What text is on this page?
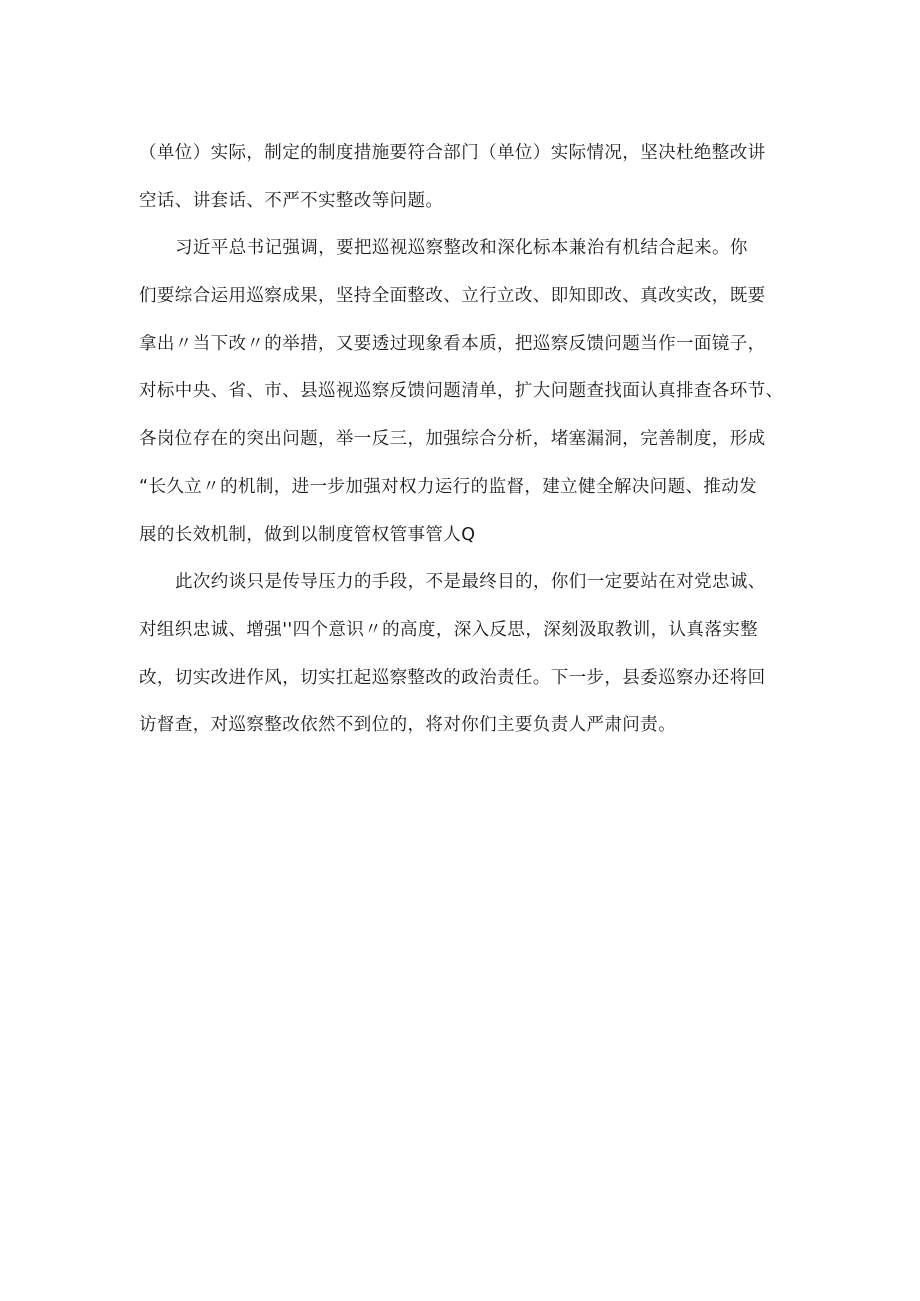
（单位）实际，制定的制度措施要符合部门（单位）实际情况，坚决杜绝整改讲
空话、讲套话、不严不实整改等问题。
习近平总书记强调，要把巡视巡察整改和深化标本兼治有机结合起来。你
们要综合运用巡察成果，坚持全面整改、立行立改、即知即改、真改实改，既要
拿出〃当下改〃的举措，又要透过现象看本质，把巡察反馈问题当作一面镜子，
对标中央、省、市、县巡视巡察反馈问题清单，扩大问题查找面认真排查各环节、
各岗位存在的突出问题，举一反三，加强综合分析，堵塞漏洞，完善制度，形成
“长久立〃的机制，进一步加强对权力运行的监督，建立健全解决问题、推动发
展的长效机制，做到以制度管权管事管人Q
此次约谈只是传导压力的手段，不是最终目的，你们一定要站在对党忠诚、
对组织忠诚、增强''四个意识〃的高度，深入反思，深刻汲取教训，认真落实整
改，切实改进作风，切实扛起巡察整改的政治责任。下一步，县委巡察办还将回
访督查，对巡察整改依然不到位的，将对你们主要负责人严肃问责。
